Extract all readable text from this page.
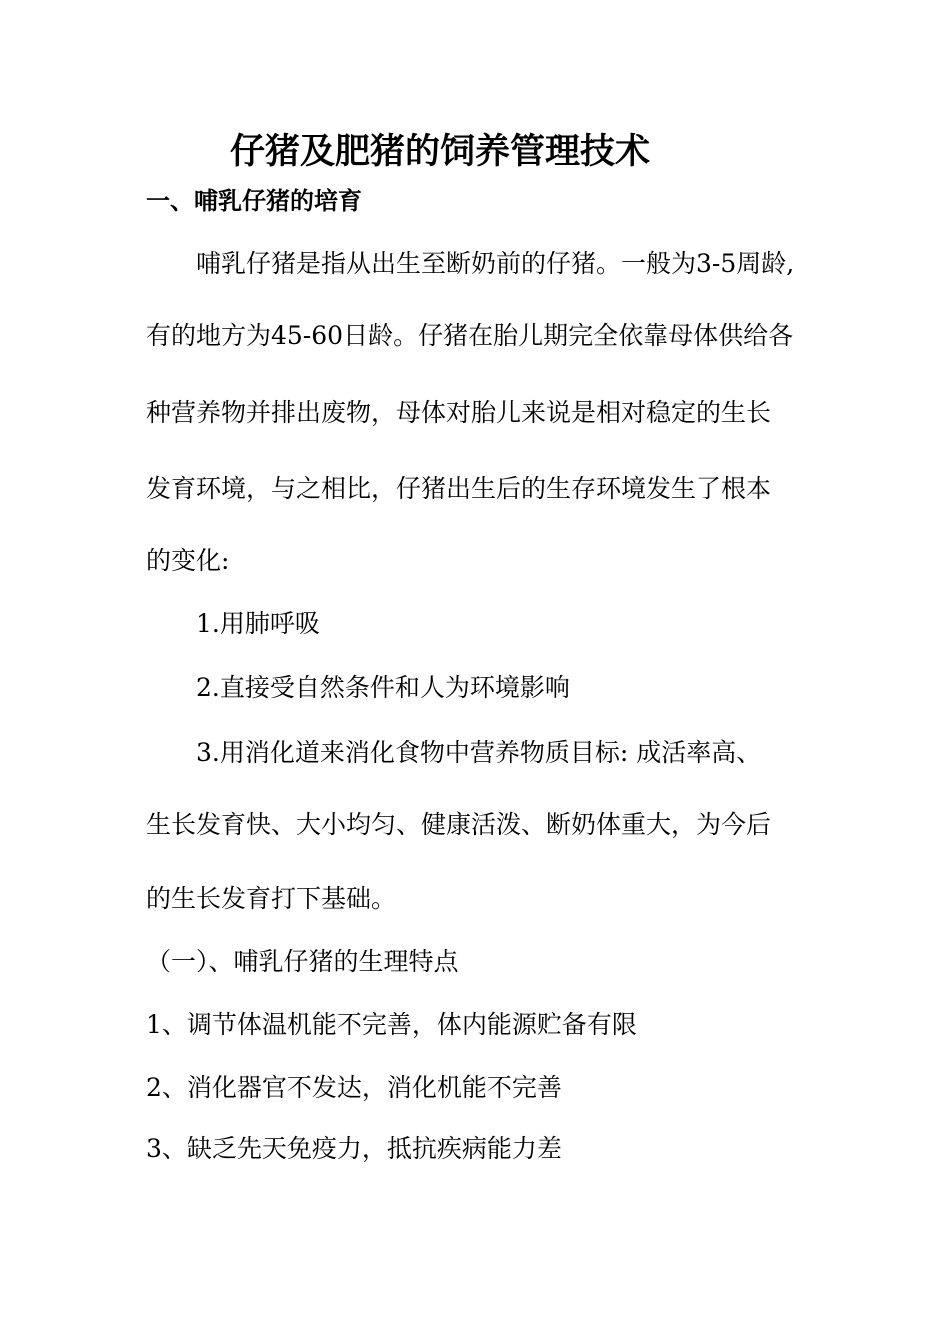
仔猪及肥猪的饲养管理技术
一、哺乳仔猪的培育
哺乳仔猪是指从出生至断奶前的仔猪。一般为3-5周龄,
有的地方为45-60日龄。仔猪在胎儿期完全依靠母体供给各
种营养物并排出废物，母体对胎儿来说是相对稳定的生长
发育环境，与之相比，仔猪出生后的生存环境发生了根本
的变化:
1.用肺呼吸
2.直接受自然条件和人为环境影响
3.用消化道来消化食物中营养物质目标: 成活率高、
生长发育快、大小均匀、健康活泼、断奶体重大，为今后
的生长发育打下基础。
（一）、哺乳仔猪的生理特点
1、调节体温机能不完善，体内能源贮备有限
2、消化器官不发达，消化机能不完善
3、缺乏先天免疫力，抵抗疾病能力差
